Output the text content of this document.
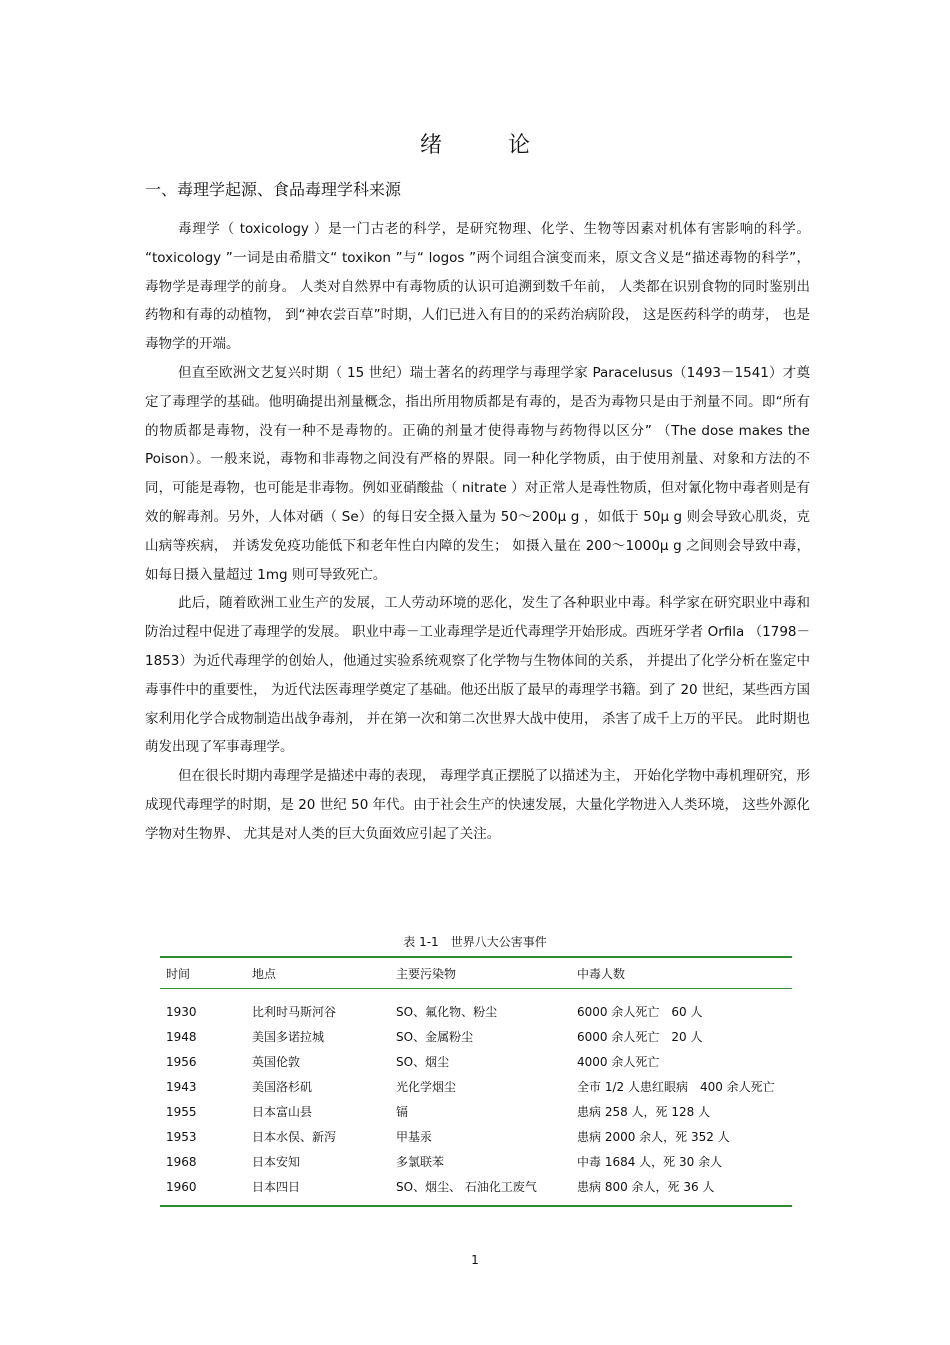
绪　论
一、毒理学起源、食品毒理学科来源

毒理学（ toxicology ）是一门古老的科学，是研究物理、化学、生物等因素对机体有害影响的科学。 “toxicology ”一词是由希腊文“ toxikon ”与“ logos ”两个词组合演变而来，原文含义是“描述毒物的科学”， 毒物学是毒理学的前身。 人类对自然界中有毒物质的认识可追溯到数千年前， 人类都在识别食物的同时鉴别出药物和有毒的动植物， 到“神农尝百草”时期，人们已进入有目的的采药治病阶段， 这是医药科学的萌芽， 也是毒物学的开端。

但直至欧洲文艺复兴时期（ 15 世纪）瑞士著名的药理学与毒理学家 Paracelusus（1493－1541）才奠定了毒理学的基础。他明确提出剂量概念，指出所用物质都是有毒的，是否为毒物只是由于剂量不同。即“所有的物质都是毒物，没有一种不是毒物的。正确的剂量才使得毒物与药物得以区分” （The dose makes the Poison）。一般来说，毒物和非毒物之间没有严格的界限。同一种化学物质，由于使用剂量、对象和方法的不同，可能是毒物，也可能是非毒物。例如亚硝酸盐（ nitrate ）对正常人是毒性物质，但对氰化物中毒者则是有效的解毒剂。另外，人体对硒（ Se）的每日安全摄入量为 50～200μ g ，如低于 50μ g 则会导致心肌炎，克山病等疾病， 并诱发免疫功能低下和老年性白内障的发生； 如摄入量在 200～1000μ g 之间则会导致中毒，如每日摄入量超过 1mg 则可导致死亡。

此后，随着欧洲工业生产的发展，工人劳动环境的恶化，发生了各种职业中毒。科学家在研究职业中毒和防治过程中促进了毒理学的发展。 职业中毒－工业毒理学是近代毒理学开始形成。西班牙学者 Orfila （1798－1853）为近代毒理学的创始人，他通过实验系统观察了化学物与生物体间的关系， 并提出了化学分析在鉴定中毒事件中的重要性， 为近代法医毒理学奠定了基础。他还出版了最早的毒理学书籍。到了 20 世纪，某些西方国家利用化学合成物制造出战争毒剂， 并在第一次和第二次世界大战中使用， 杀害了成千上万的平民。 此时期也萌发出现了军事毒理学。

但在很长时期内毒理学是描述中毒的表现， 毒理学真正摆脱了以描述为主， 开始化学物中毒机理研究，形成现代毒理学的时期，是 20 世纪 50 年代。由于社会生产的快速发展，大量化学物进入人类环境， 这些外源化学物对生物界、 尤其是对人类的巨大负面效应引起了关注。

表 1-1　世界八大公害事件
时间	地点	主要污染物	中毒人数
1930	比利时马斯河谷	SO、氟化物、粉尘	6000 余人死亡　60 人
1948	美国多诺拉城	SO、金属粉尘	6000 余人死亡　20 人
1956	英国伦敦	SO、烟尘	4000 余人死亡
1943	美国洛杉矶	光化学烟尘	全市 1/2 人患红眼病　400 余人死亡
1955	日本富山县	镉	患病 258 人，死 128 人
1953	日本水俣、新泻	甲基汞	患病 2000 余人，死 352 人
1968	日本安知	多氯联苯	中毒 1684 人，死 30 余人
1960	日本四日	SO、烟尘、 石油化工废气	患病 800 余人，死 36 人
1
